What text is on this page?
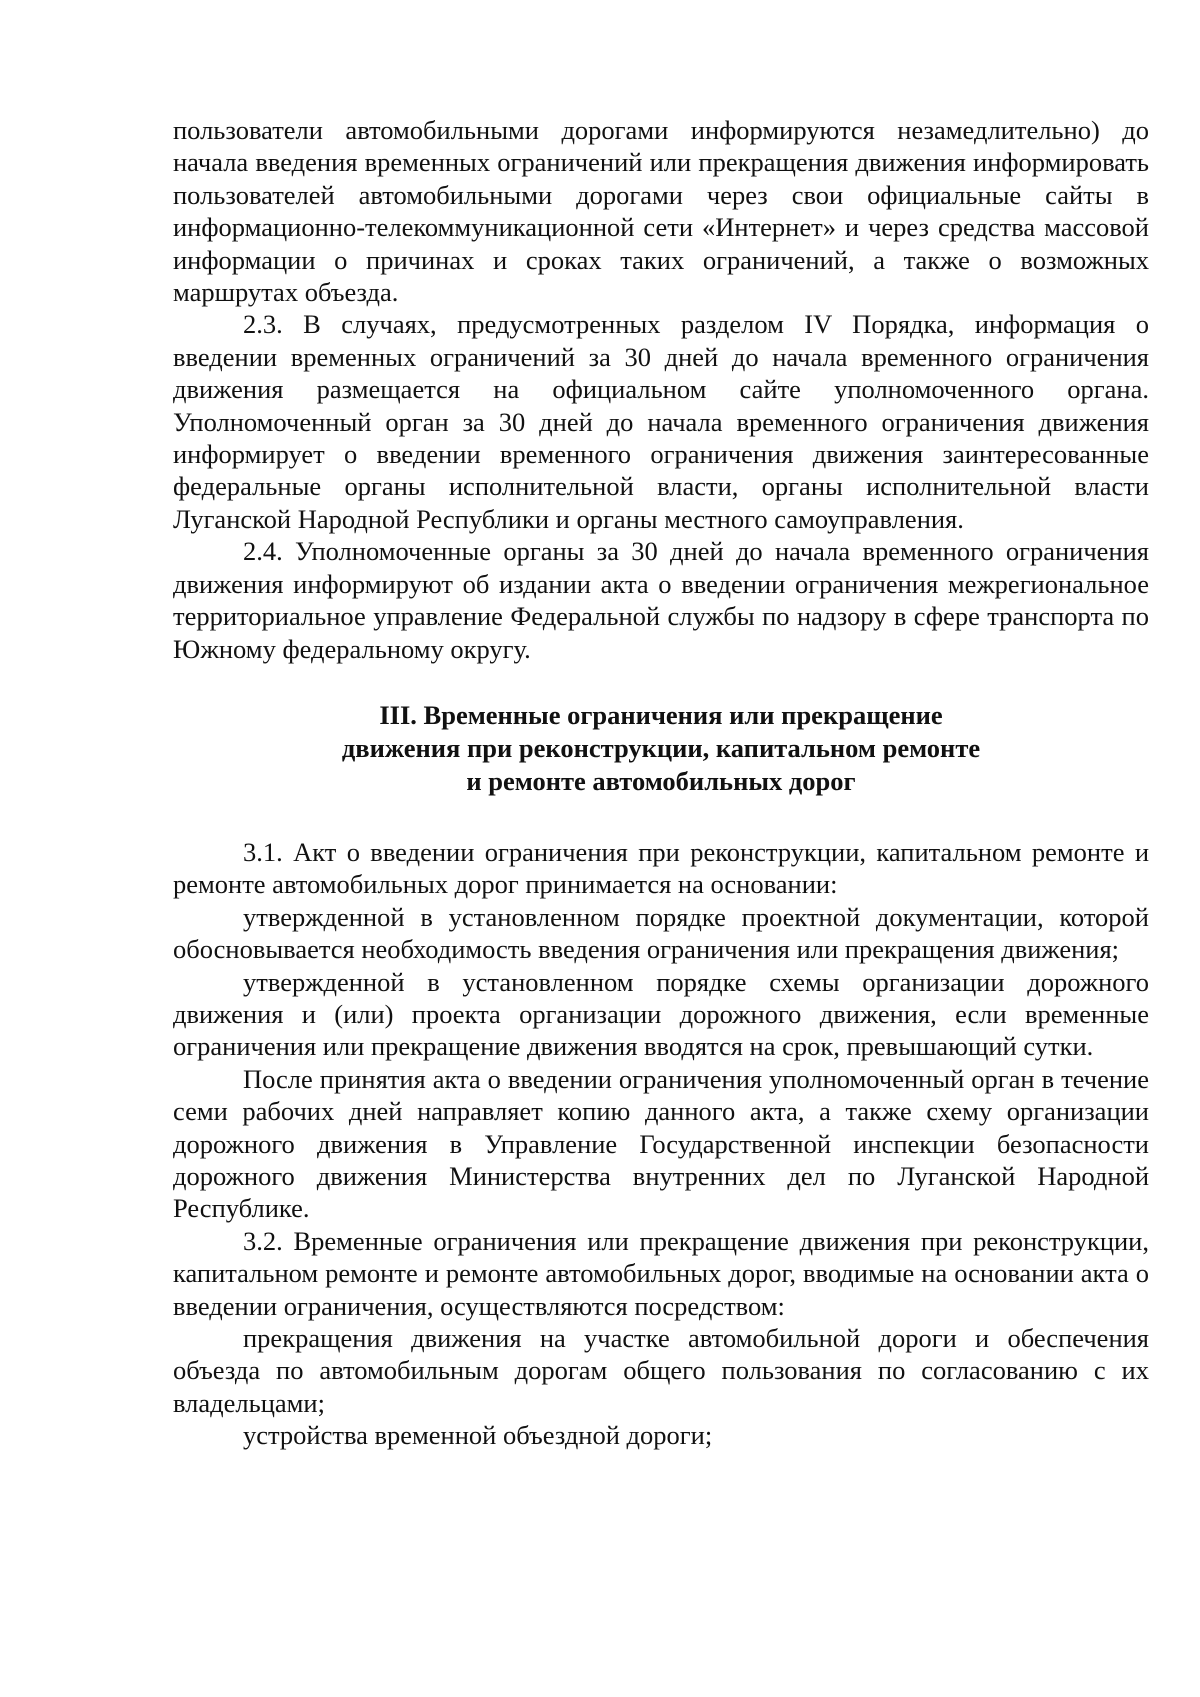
пользователи автомобильными дорогами информируются незамедлительно) до начала введения временных ограничений или прекращения движения информировать пользователей автомобильными дорогами через свои официальные сайты в информационно-телекоммуникационной сети «Интернет» и через средства массовой информации о причинах и сроках таких ограничений, а также о возможных маршрутах объезда.

2.3. В случаях, предусмотренных разделом IV Порядка, информация о введении временных ограничений за 30 дней до начала временного ограничения движения размещается на официальном сайте уполномоченного органа. Уполномоченный орган за 30 дней до начала временного ограничения движения информирует о введении временного ограничения движения заинтересованные федеральные органы исполнительной власти, органы исполнительной власти Луганской Народной Республики и органы местного самоуправления.

2.4. Уполномоченные органы за 30 дней до начала временного ограничения движения информируют об издании акта о введении ограничения межрегиональное территориальное управление Федеральной службы по надзору в сфере транспорта по Южному федеральному округу.

III. Временные ограничения или прекращение
движения при реконструкции, капитальном ремонте
и ремонте автомобильных дорог

3.1. Акт о введении ограничения при реконструкции, капитальном ремонте и ремонте автомобильных дорог принимается на основании:

утвержденной в установленном порядке проектной документации, которой обосновывается необходимость введения ограничения или прекращения движения;

утвержденной в установленном порядке схемы организации дорожного движения и (или) проекта организации дорожного движения, если временные ограничения или прекращение движения вводятся на срок, превышающий сутки.

После принятия акта о введении ограничения уполномоченный орган в течение семи рабочих дней направляет копию данного акта, а также схему организации дорожного движения в Управление Государственной инспекции безопасности дорожного движения Министерства внутренних дел по Луганской Народной Республике.

3.2. Временные ограничения или прекращение движения при реконструкции, капитальном ремонте и ремонте автомобильных дорог, вводимые на основании акта о введении ограничения, осуществляются посредством:

прекращения движения на участке автомобильной дороги и обеспечения объезда по автомобильным дорогам общего пользования по согласованию с их владельцами;

устройства временной объездной дороги;
